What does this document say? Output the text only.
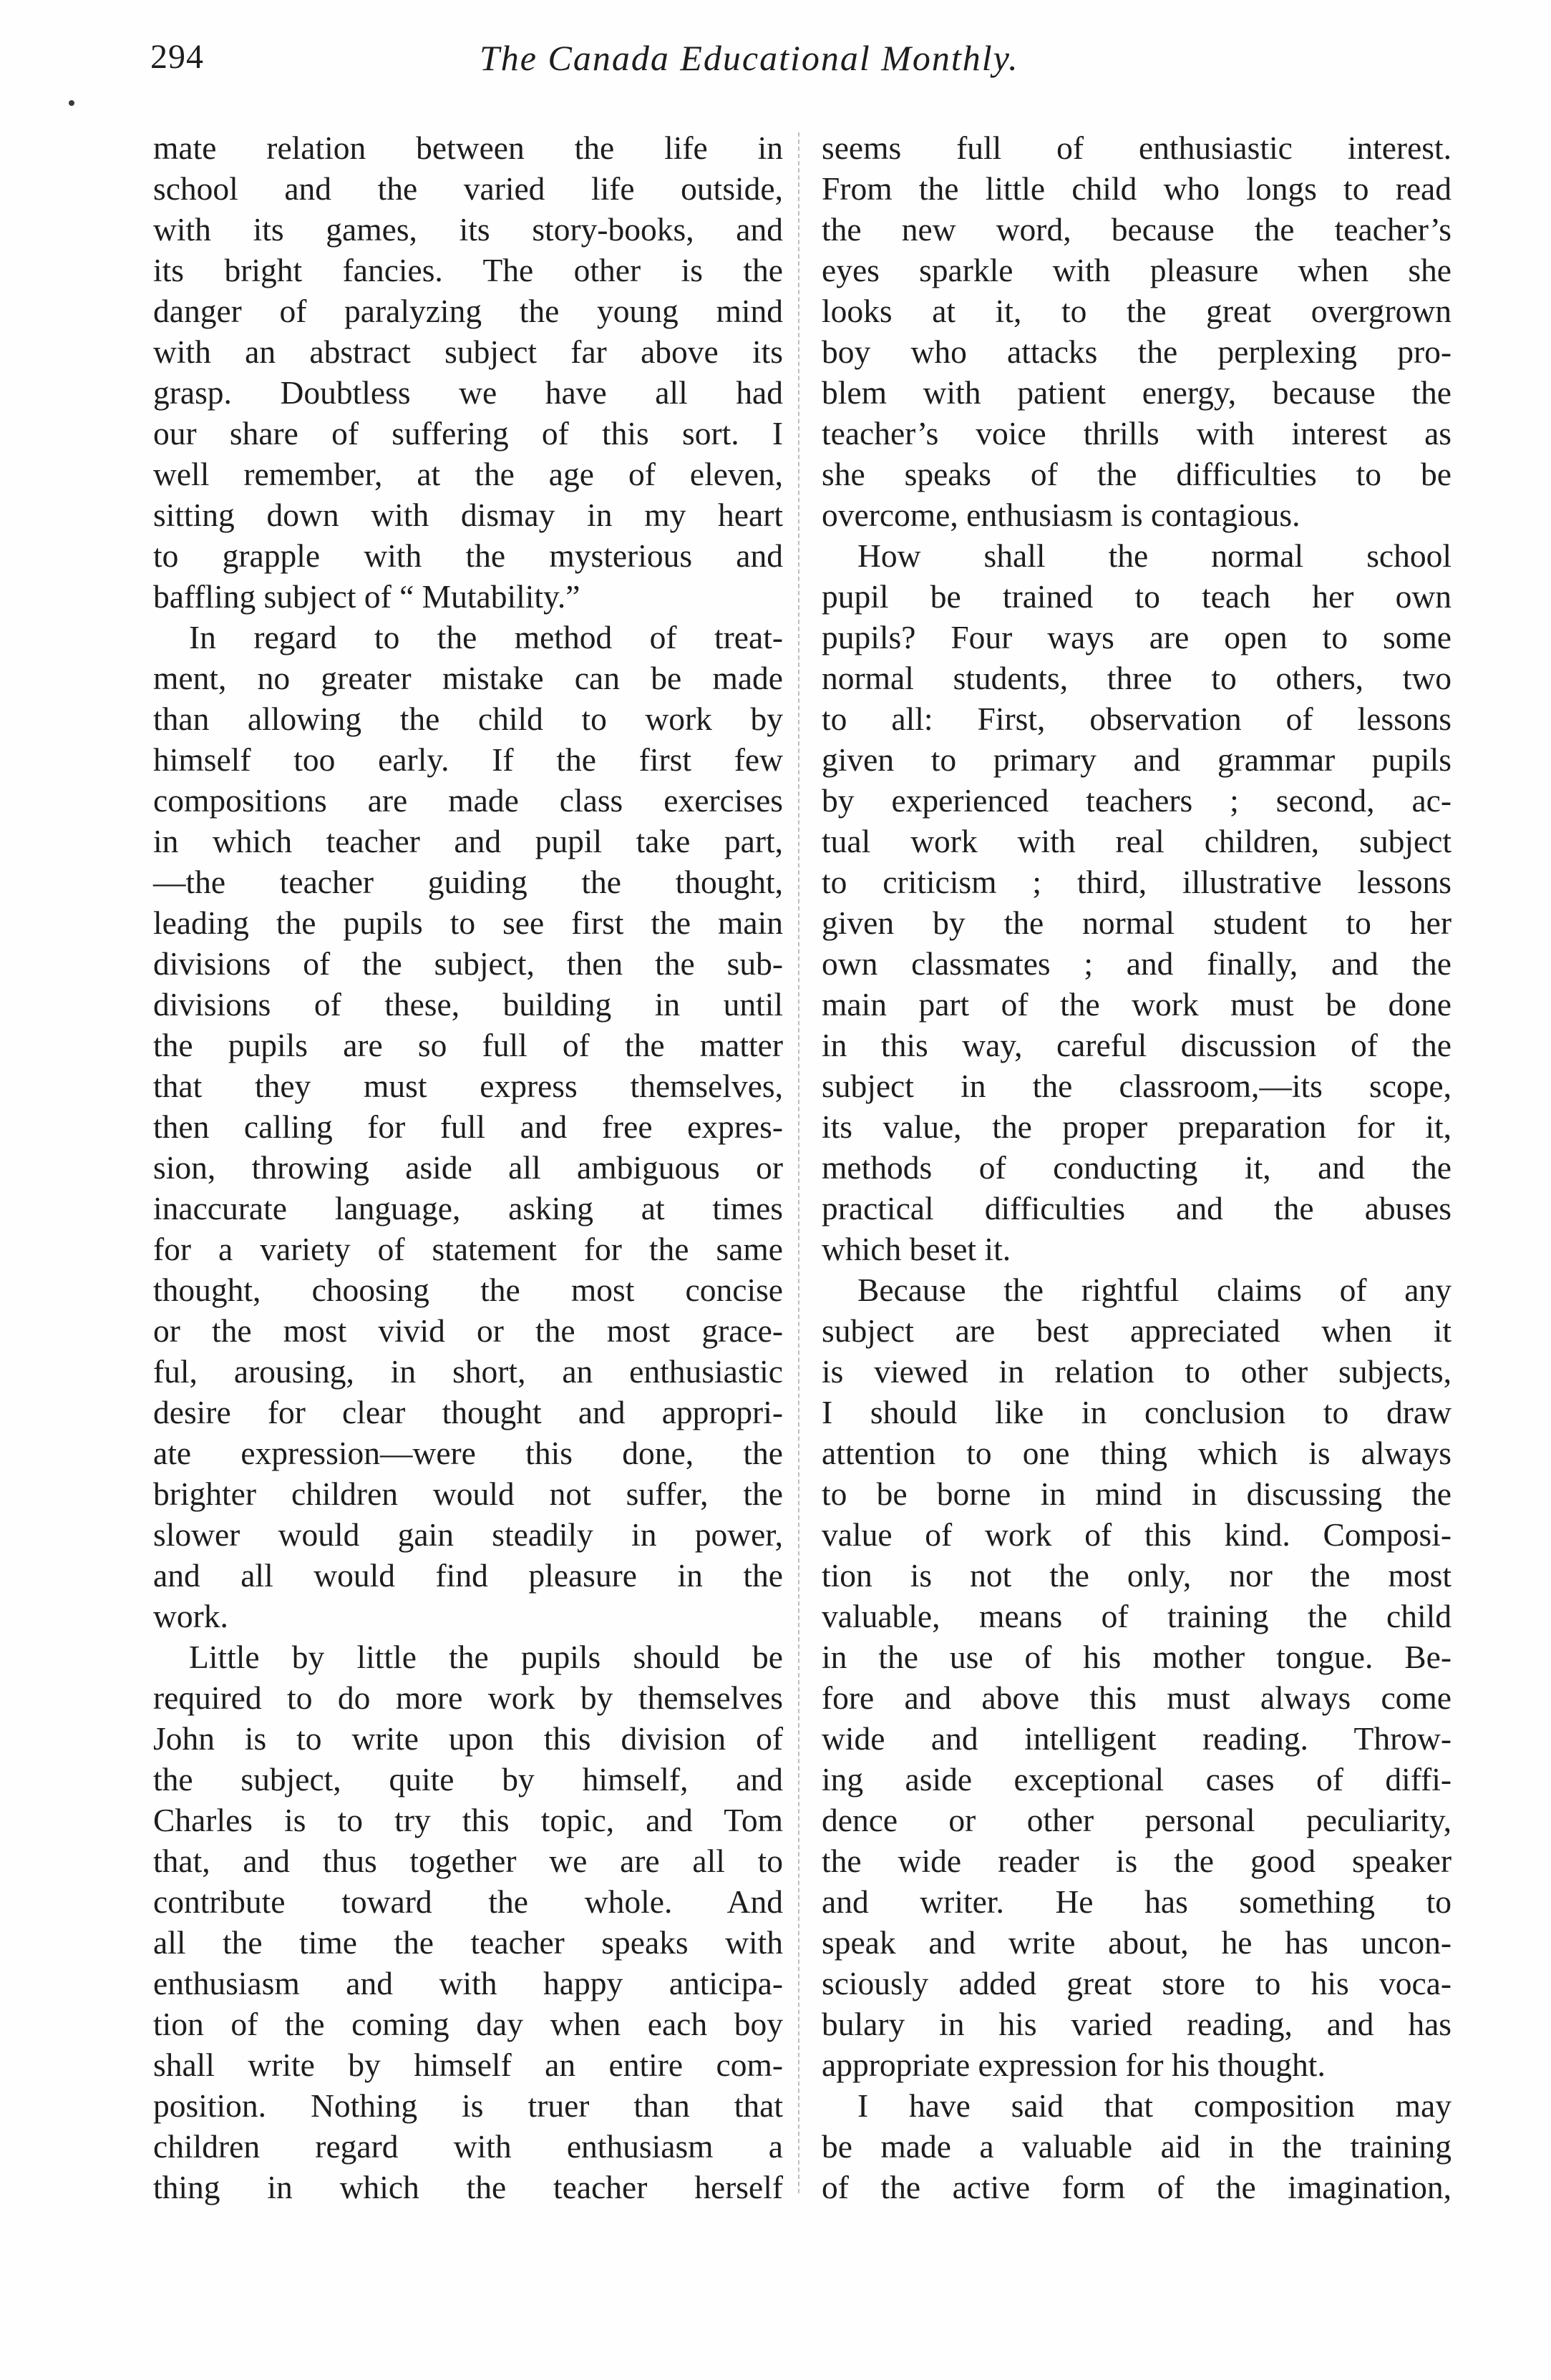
294	The Canada Educational Monthly.
mate relation between the life in
school and the varied life outside,
with its games, its story-books, and
its bright fancies. The other is the
danger of paralyzing the young mind
with an abstract subject far above its
grasp. Doubtless we have all had
our share of suffering of this sort. I
well remember, at the age of eleven,
sitting down with dismay in my heart
to grapple with the mysterious and
baffling subject of “ Mutability.”
In regard to the method of treat-
ment, no greater mistake can be made
than allowing the child to work by
himself too early. If the first few
compositions are made class exercises
in which teacher and pupil take part,
—the teacher guiding the thought,
leading the pupils to see first the main
divisions of the subject, then the sub-
divisions of these, building in until
the pupils are so full of the matter
that they must express themselves,
then calling for full and free expres-
sion, throwing aside all ambiguous or
inaccurate language, asking at times
for a variety of statement for the same
thought, choosing the most concise
or the most vivid or the most grace-
ful, arousing, in short, an enthusiastic
desire for clear thought and appropri-
ate expression—were this done, the
brighter children would not suffer, the
slower would gain steadily in power,
and all would find pleasure in the
work.
Little by little the pupils should be
required to do more work by themselves
John is to write upon this division of
the subject, quite by himself, and
Charles is to try this topic, and Tom
that, and thus together we are all to
contribute toward the whole. And
all the time the teacher speaks with
enthusiasm and with happy anticipa-
tion of the coming day when each boy
shall write by himself an entire com-
position. Nothing is truer than that
children regard with enthusiasm a
thing in which the teacher herself
seems full of enthusiastic interest.
From the little child who longs to read
the new word, because the teacher’s
eyes sparkle with pleasure when she
looks at it, to the great overgrown
boy who attacks the perplexing pro-
blem with patient energy, because the
teacher’s voice thrills with interest as
she speaks of the difficulties to be
overcome, enthusiasm is contagious.
How shall the normal school
pupil be trained to teach her own
pupils? Four ways are open to some
normal students, three to others, two
to all: First, observation of lessons
given to primary and grammar pupils
by experienced teachers ; second, ac-
tual work with real children, subject
to criticism ; third, illustrative lessons
given by the normal student to her
own classmates ; and finally, and the
main part of the work must be done
in this way, careful discussion of the
subject in the classroom,—its scope,
its value, the proper preparation for it,
methods of conducting it, and the
practical difficulties and the abuses
which beset it.
Because the rightful claims of any
subject are best appreciated when it
is viewed in relation to other subjects,
I should like in conclusion to draw
attention to one thing which is always
to be borne in mind in discussing the
value of work of this kind. Composi-
tion is not the only, nor the most
valuable, means of training the child
in the use of his mother tongue. Be-
fore and above this must always come
wide and intelligent reading. Throw-
ing aside exceptional cases of diffi-
dence or other personal peculiarity,
the wide reader is the good speaker
and writer. He has something to
speak and write about, he has uncon-
sciously added great store to his voca-
bulary in his varied reading, and has
appropriate expression for his thought.
I have said that composition may
be made a valuable aid in the training
of the active form of the imagination,
